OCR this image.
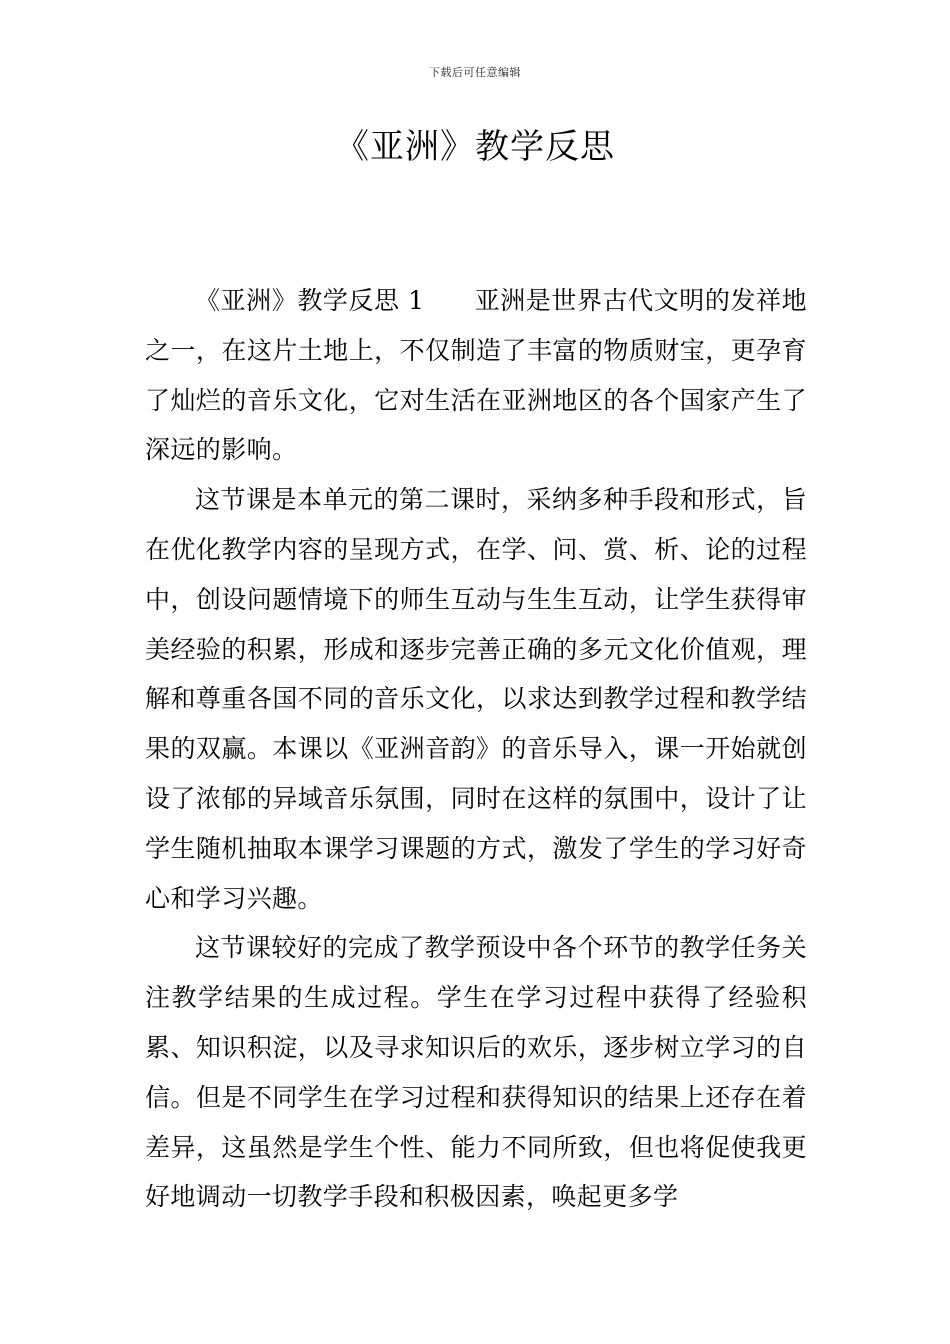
下载后可任意编辑
《亚洲》教学反思

《亚洲》教学反思 1 亚洲是世界古代文明的发祥地之一，在这片土地上，不仅制造了丰富的物质财宝，更孕育了灿烂的音乐文化，它对生活在亚洲地区的各个国家产生了深远的影响。

这节课是本单元的第二课时，采纳多种手段和形式，旨在优化教学内容的呈现方式，在学、问、赏、析、论的过程中，创设问题情境下的师生互动与生生互动，让学生获得审美经验的积累，形成和逐步完善正确的多元文化价值观，理解和尊重各国不同的音乐文化，以求达到教学过程和教学结果的双赢。本课以《亚洲音韵》的音乐导入，课一开始就创设了浓郁的异域音乐氛围，同时在这样的氛围中，设计了让学生随机抽取本课学习课题的方式，激发了学生的学习好奇心和学习兴趣。

这节课较好的完成了教学预设中各个环节的教学任务关注教学结果的生成过程。学生在学习过程中获得了经验积累、知识积淀，以及寻求知识后的欢乐，逐步树立学习的自信。但是不同学生在学习过程和获得知识的结果上还存在着差异，这虽然是学生个性、能力不同所致，但也将促使我更好地调动一切教学手段和积极因素，唤起更多学
